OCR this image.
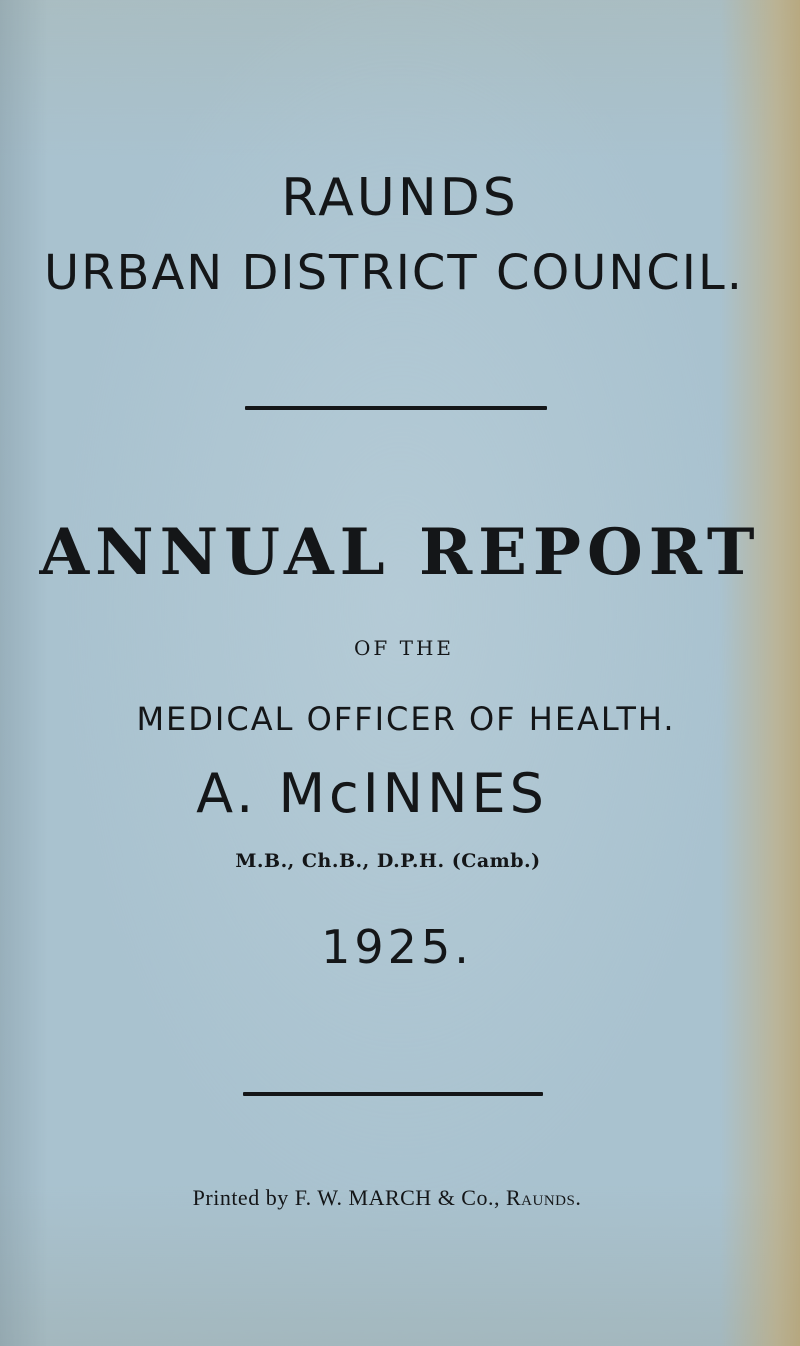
RAUNDS
URBAN DISTRICT COUNCIL.
ANNUAL REPORT
OF THE
MEDICAL OFFICER OF HEALTH.
A. McINNES
M.B., Ch.B., D.P.H. (Camb.)
1925.
Printed by F. W. MARCH & Co., Raunds.
